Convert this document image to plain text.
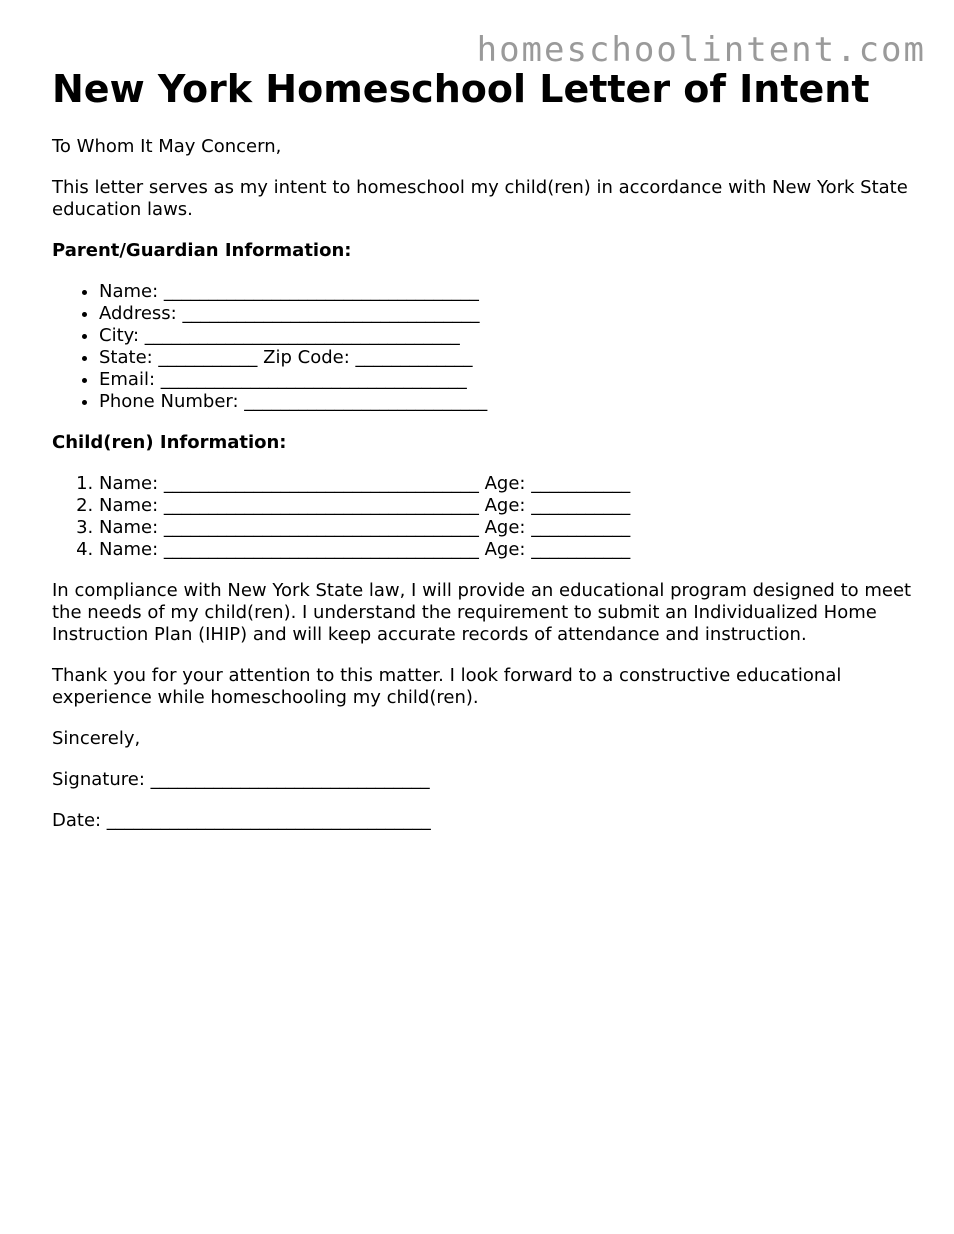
homeschoolintent.com
New York Homeschool Letter of Intent

To Whom It May Concern,

This letter serves as my intent to homeschool my child(ren) in accordance with New York State education laws.

Parent/Guardian Information:

• Name: ___________________________________
• Address: _________________________________
• City: ___________________________________
• State: ___________ Zip Code: _____________
• Email: __________________________________
• Phone Number: ___________________________

Child(ren) Information:

1. Name: ___________________________________ Age: ___________
2. Name: ___________________________________ Age: ___________
3. Name: ___________________________________ Age: ___________
4. Name: ___________________________________ Age: ___________

In compliance with New York State law, I will provide an educational program designed to meet the needs of my child(ren). I understand the requirement to submit an Individualized Home Instruction Plan (IHIP) and will keep accurate records of attendance and instruction.

Thank you for your attention to this matter. I look forward to a constructive educational experience while homeschooling my child(ren).

Sincerely,

Signature: _______________________________

Date: ____________________________________
